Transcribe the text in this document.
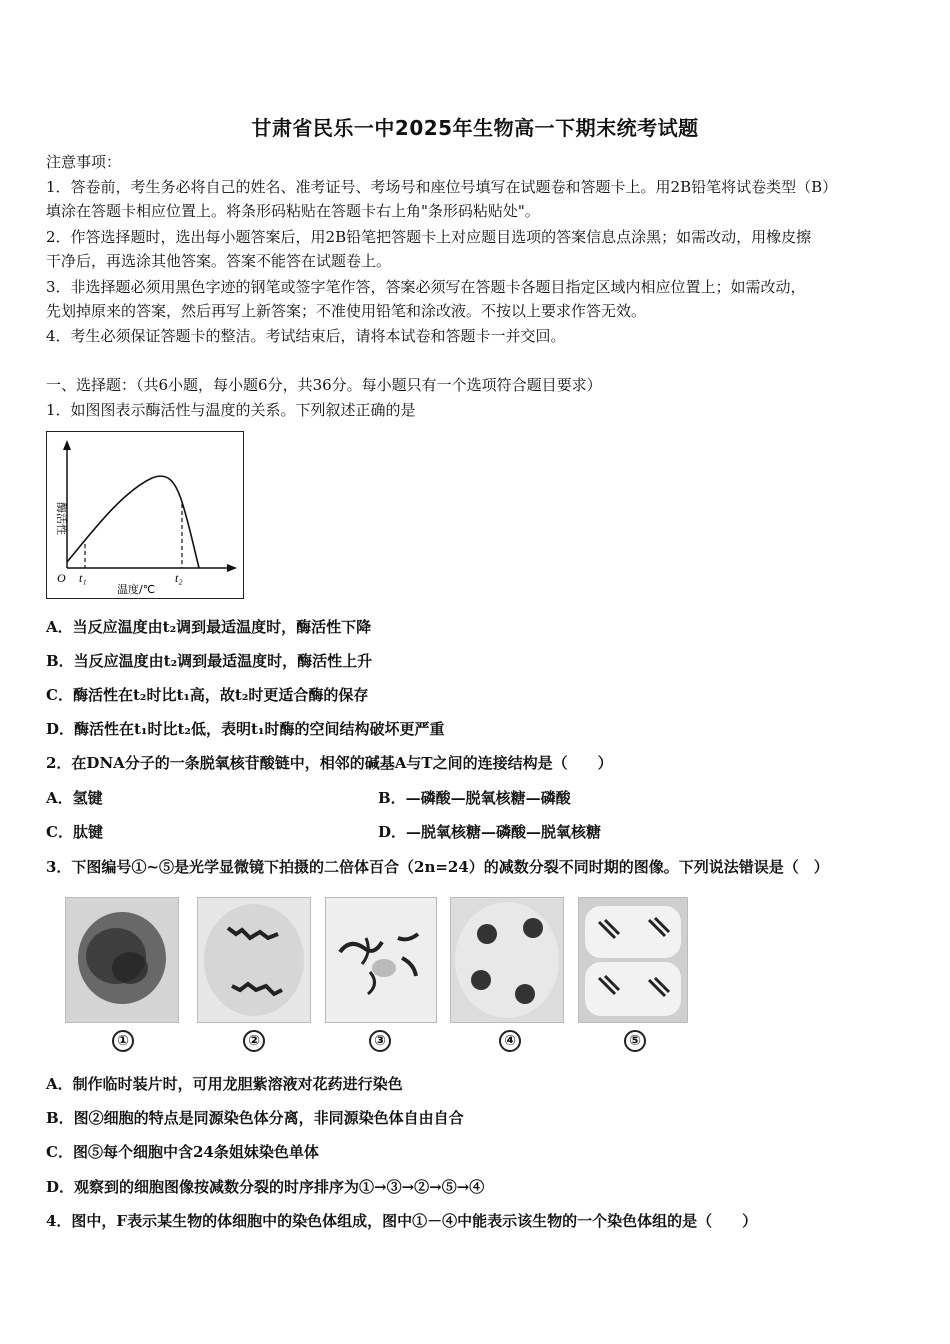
甘肃省民乐一中2025年生物高一下期末统考试题
注意事项：
1．答卷前，考生务必将自己的姓名、准考证号、考场号和座位号填写在试题卷和答题卡上。用2B铅笔将试卷类型（B）
填涂在答题卡相应位置上。将条形码粘贴在答题卡右上角"条形码粘贴处"。
2．作答选择题时，选出每小题答案后，用2B铅笔把答题卡上对应题目选项的答案信息点涂黑；如需改动，用橡皮擦
干净后，再选涂其他答案。答案不能答在试题卷上。
3．非选择题必须用黑色字迹的钢笔或签字笔作答，答案必须写在答题卡各题目指定区域内相应位置上；如需改动，
先划掉原来的答案，然后再写上新答案；不准使用铅笔和涂改液。不按以上要求作答无效。
4．考生必须保证答题卡的整洁。考试结束后，请将本试卷和答题卡一并交回。
一、选择题：（共6小题，每小题6分，共36分。每小题只有一个选项符合题目要求）
1．如图图表示酶活性与温度的关系。下列叙述正确的是
O t₁	t₂
温度/℃
酶活性
A．当反应温度由t₂调到最适温度时，酶活性下降
B．当反应温度由t₂调到最适温度时，酶活性上升
C．酶活性在t₂时比t₁高，故t₂时更适合酶的保存
D．酶活性在t₁时比t₂低，表明t₁时酶的空间结构破坏更严重
2．在DNA分子的一条脱氧核苷酸链中，相邻的碱基A与T之间的连接结构是（　　）
A．氢键	B．—磷酸—脱氧核糖—磷酸
C．肽键	D．—脱氧核糖—磷酸—脱氧核糖
3．下图编号①~⑤是光学显微镜下拍摄的二倍体百合（2n=24）的减数分裂不同时期的图像。下列说法错误是（　）
①	②	③	④	⑤
A．制作临时装片时，可用龙胆紫溶液对花药进行染色
B．图②细胞的特点是同源染色体分离，非同源染色体自由自合
C．图⑤每个细胞中含24条姐妹染色单体
D．观察到的细胞图像按减数分裂的时序排序为①→③→②→⑤→④
4．图中，F表示某生物的体细胞中的染色体组成，图中①－④中能表示该生物的一个染色体组的是（　　）
